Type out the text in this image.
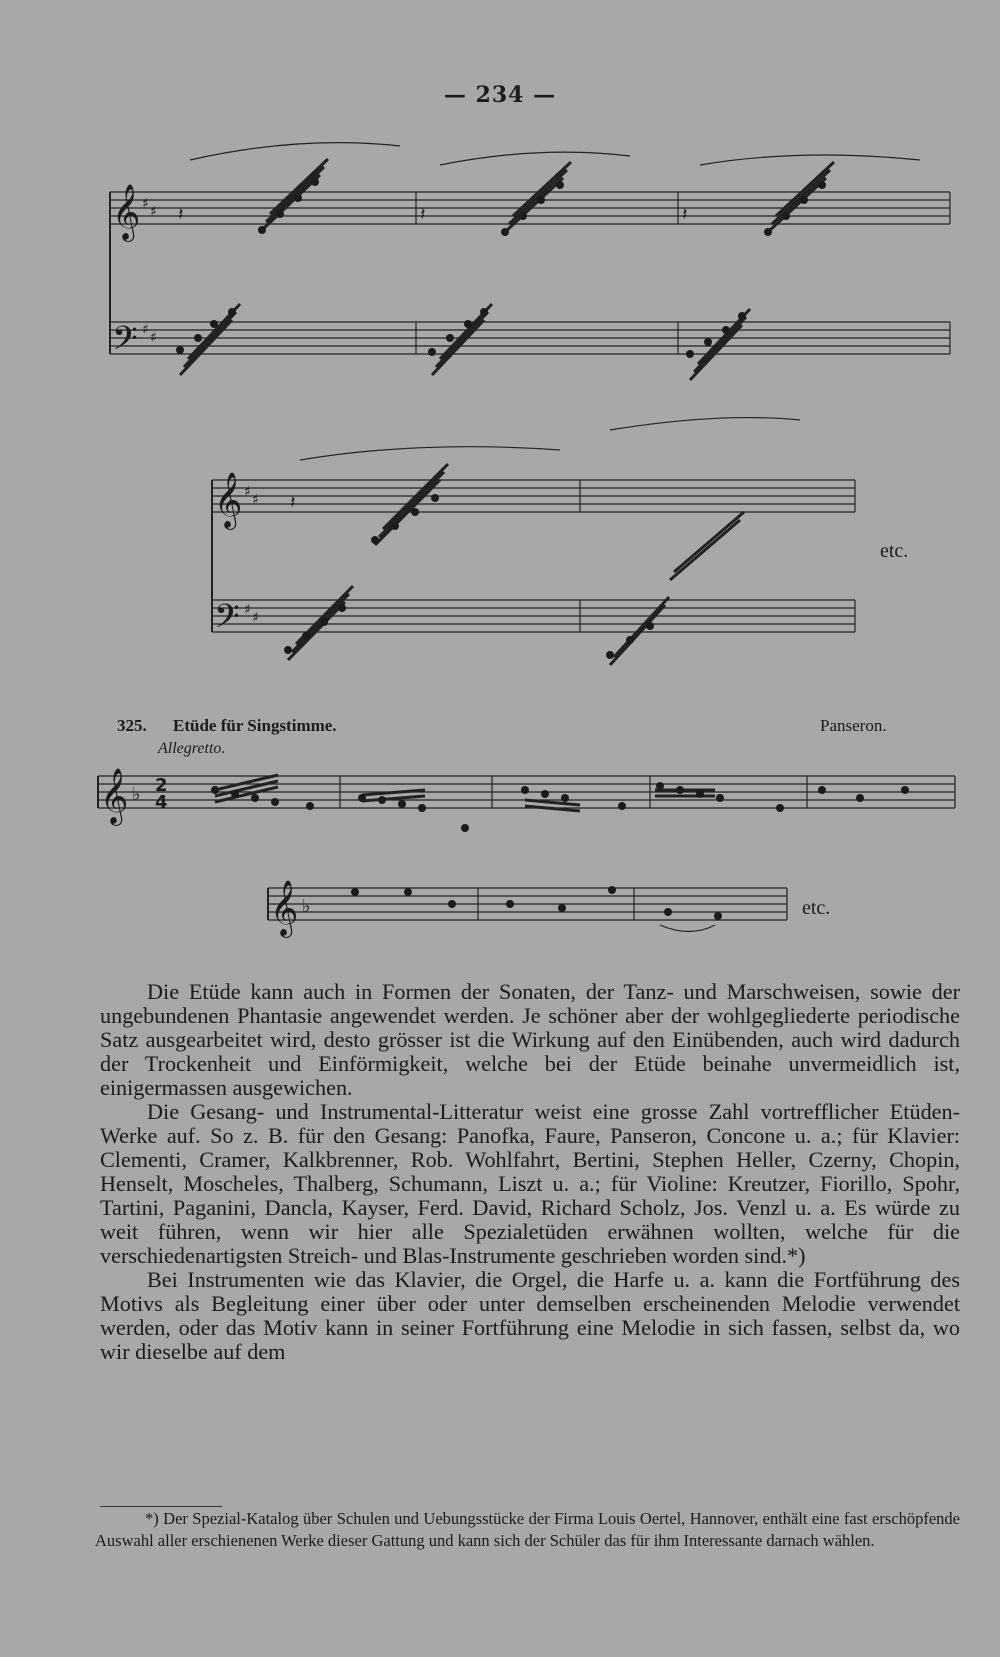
— 234 —
𝄞
𝄢
𝄞
𝄢
𝄞
𝄞
♯ ♯
♯ ♯
♯ ♯
♯ ♯
♭
♭
2
4
𝄽	𝄽	𝄽
𝄽
etc.
etc.
325. Etüde für Singstimme.	Panseron.
Allegretto.

Die Etüde kann auch in Formen der Sonaten, der Tanz- und Marschweisen, sowie der ungebundenen Phantasie angewendet werden. Je schöner aber der wohlgegliederte periodische Satz ausgearbeitet wird, desto grösser ist die Wirkung auf den Einübenden, auch wird dadurch der Trockenheit und Einförmigkeit, welche bei der Etüde beinahe unvermeidlich ist, einigermassen ausgewichen.

Die Gesang- und Instrumental-Litteratur weist eine grosse Zahl vortrefflicher Etüden-Werke auf. So z. B. für den Gesang: Panofka, Faure, Panseron, Concone u. a.; für Klavier: Clementi, Cramer, Kalkbrenner, Rob. Wohlfahrt, Bertini, Stephen Heller, Czerny, Chopin, Henselt, Moscheles, Thalberg, Schumann, Liszt u. a.; für Violine: Kreutzer, Fiorillo, Spohr, Tartini, Paganini, Dancla, Kayser, Ferd. David, Richard Scholz, Jos. Venzl u. a. Es würde zu weit führen, wenn wir hier alle Spezialetüden erwähnen wollten, welche für die verschiedenartigsten Streich- und Blas-Instrumente geschrieben worden sind.*)

Bei Instrumenten wie das Klavier, die Orgel, die Harfe u. a. kann die Fortführung des Motivs als Begleitung einer über oder unter demselben erscheinenden Melodie verwendet werden, oder das Motiv kann in seiner Fortführung eine Melodie in sich fassen, selbst da, wo wir dieselbe auf dem

*) Der Spezial-Katalog über Schulen und Uebungsstücke der Firma Louis Oertel, Hannover, enthält eine fast erschöpfende Auswahl aller erschienenen Werke dieser Gattung und kann sich der Schüler das für ihm Interessante darnach wählen.
